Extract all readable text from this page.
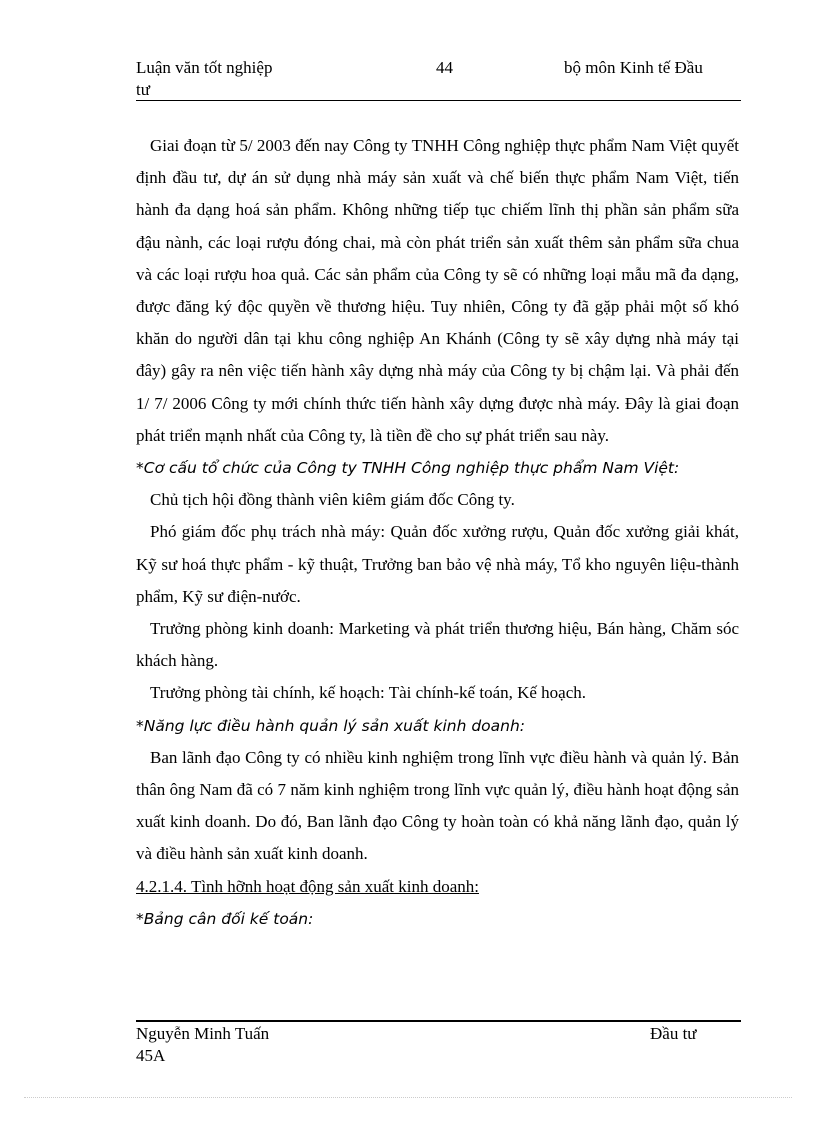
Luận văn tốt nghiệp	44	bộ môn Kinh tế Đầu
tư

Giai đoạn từ 5/ 2003 đến nay Công ty TNHH Công nghiệp thực phẩm Nam Việt quyết định đầu tư, dự án sử dụng nhà máy sản xuất và chế biến thực phẩm Nam Việt, tiến hành đa dạng hoá sản phẩm. Không những tiếp tục chiếm lĩnh thị phần sản phẩm sữa đậu nành, các loại rượu đóng chai, mà còn phát triển sản xuất thêm sản phẩm sữa chua và các loại rượu hoa quả. Các sản phẩm của Công ty sẽ có những loại mẫu mã đa dạng, được đăng ký độc quyền về thương hiệu. Tuy nhiên, Công ty đã gặp phải một số khó khăn do người dân tại khu công nghiệp An Khánh (Công ty sẽ xây dựng nhà máy tại đây) gây ra nên việc tiến hành xây dựng nhà máy của Công ty bị chậm lại. Và phải đến 1/ 7/ 2006 Công ty mới chính thức tiến hành xây dựng được nhà máy. Đây là giai đoạn phát triển mạnh nhất của Công ty, là tiền đề cho sự phát triển sau này.

*Cơ cấu tổ chức của Công ty TNHH Công nghiệp thực phẩm Nam Việt:

Chủ tịch hội đồng thành viên kiêm giám đốc Công ty.

Phó giám đốc phụ trách nhà máy: Quản đốc xưởng rượu, Quản đốc xưởng giải khát, Kỹ sư hoá thực phẩm - kỹ thuật, Trưởng ban bảo vệ nhà máy, Tổ kho nguyên liệu-thành phẩm, Kỹ sư điện-nước.

Trưởng phòng kinh doanh: Marketing và phát triển thương hiệu, Bán hàng, Chăm sóc khách hàng.

Trưởng phòng tài chính, kế hoạch: Tài chính-kế toán, Kế hoạch.

*Năng lực điều hành quản lý sản xuất kinh doanh:

Ban lãnh đạo Công ty có nhiều kinh nghiệm trong lĩnh vực điều hành và quản lý. Bản thân ông Nam đã có 7 năm kinh nghiệm trong lĩnh vực quản lý, điều hành hoạt động sản xuất kinh doanh. Do đó, Ban lãnh đạo Công ty hoàn toàn có khả năng lãnh đạo, quản lý và điều hành sản xuất kinh doanh.

4.2.1.4. Tình hỡnh hoạt động sản xuất kinh doanh:

*Bảng cân đối kế toán:

Nguyễn Minh Tuấn	Đầu tư
45A
